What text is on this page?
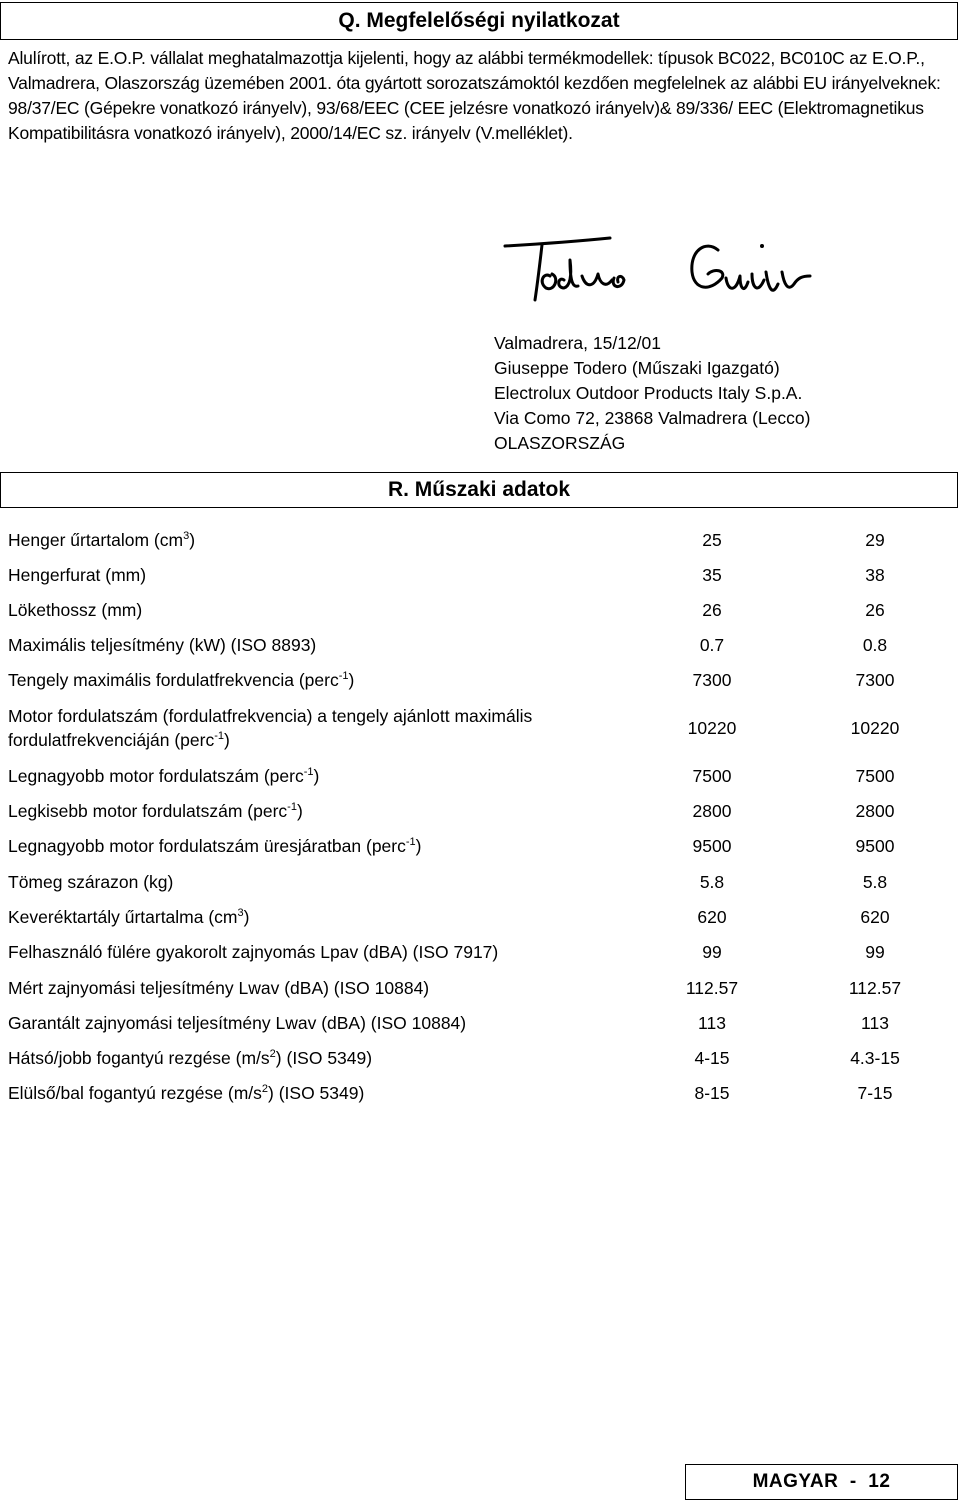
Q. Megfelelőségi nyilatkozat

Alulírott, az E.O.P. vállalat meghatalmazottja kijelenti, hogy az alábbi termékmodellek: típusok BC022, BC010C az E.O.P., Valmadrera, Olaszország üzemében 2001. óta gyártott sorozatszámoktól kezdően megfelelnek az alábbi EU irányelveknek: 98/37/EC (Gépekre vonatkozó irányelv), 93/68/EEC (CEE jelzésre vonatkozó irányelv)& 89/336/ EEC (Elektromagnetikus Kompatibilitásra vonatkozó irányelv), 2000/14/EC sz. irányelv (V.melléklet).

Valmadrera, 15/12/01
Giuseppe Todero (Műszaki Igazgató)
Electrolux Outdoor Products Italy S.p.A.
Via Como 72, 23868 Valmadrera (Lecco)
OLASZORSZÁG
R. Műszaki adatok
Henger űrtartalom $(cm^3)$	25	29
Hengerfurat (mm)	35	38
Lökethossz (mm)	26	26
Maximális teljesítmény (kW) (ISO 8893)	0.7	0.8
Tengely maximális fordulatfrekvencia (perc$^{-1}$)	7300	7300
Motor fordulatszám (fordulatfrekvencia) a tengely ajánlott maximális
fordulatfrekvenciáján (perc$^{-1}$)
10220	10220
Legnagyobb motor fordulatszám (perc$^{-1}$)	7500	7500
Legkisebb motor fordulatszám (perc$^{-1}$)	2800	2800
Legnagyobb motor fordulatszám üresjáratban (perc$^{-1}$)	9500	9500
Tömeg szárazon (kg)	5.8	5.8
Keveréktartály űrtartalma $(cm^3)$	620	620
Felhasználó fülére gyakorolt zajnyomás Lpav (dBA) (ISO 7917)	99	99
Mért zajnyomási teljesítmény Lwav (dBA) (ISO 10884)	112.57	112.57
Garantált zajnyomási teljesítmény Lwav (dBA) (ISO 10884)	113	113
Hátsó/jobb fogantyú rezgése $(m/s^2)$ (ISO 5349)	4-15	4.3-15
Elülső/bal fogantyú rezgése $(m/s^2)$ (ISO 5349)	8-15	7-15
MAGYAR
-
12
